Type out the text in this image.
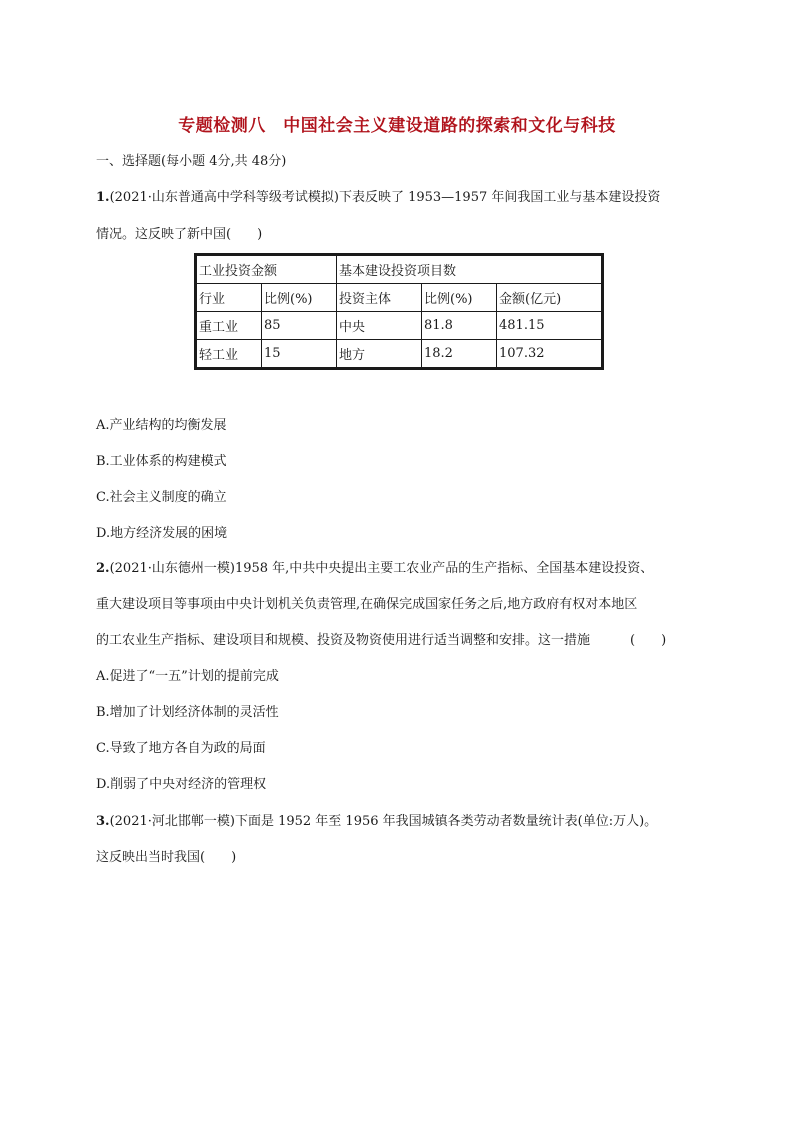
专题检测八　中国社会主义建设道路的探索和文化与科技
一、选择题(每小题 4分,共 48分)
1.(2021·山东普通高中学科等级考试模拟)下表反映了 1953—1957 年间我国工业与基本建设投资
情况。这反映了新中国(　　)
工业投资金额		基本建设投资项目数		
行业	比例(%)	投资主体	比例(%)	金额(亿元)
重工业	85	中央	81.8	481.15
轻工业	15	地方	18.2	107.32
A.产业结构的均衡发展
B.工业体系的构建模式
C.社会主义制度的确立
D.地方经济发展的困境
2.(2021·山东德州一模)1958 年,中共中央提出主要工农业产品的生产指标、全国基本建设投资、
重大建设项目等事项由中央计划机关负责管理,在确保完成国家任务之后,地方政府有权对本地区
的工农业生产指标、建设项目和规模、投资及物资使用进行适当调整和安排。这一措施	(　　)
A.促进了“一五”计划的提前完成
B.增加了计划经济体制的灵活性
C.导致了地方各自为政的局面
D.削弱了中央对经济的管理权
3.(2021·河北邯郸一模)下面是 1952 年至 1956 年我国城镇各类劳动者数量统计表(单位:万人)。
这反映出当时我国(　　)
